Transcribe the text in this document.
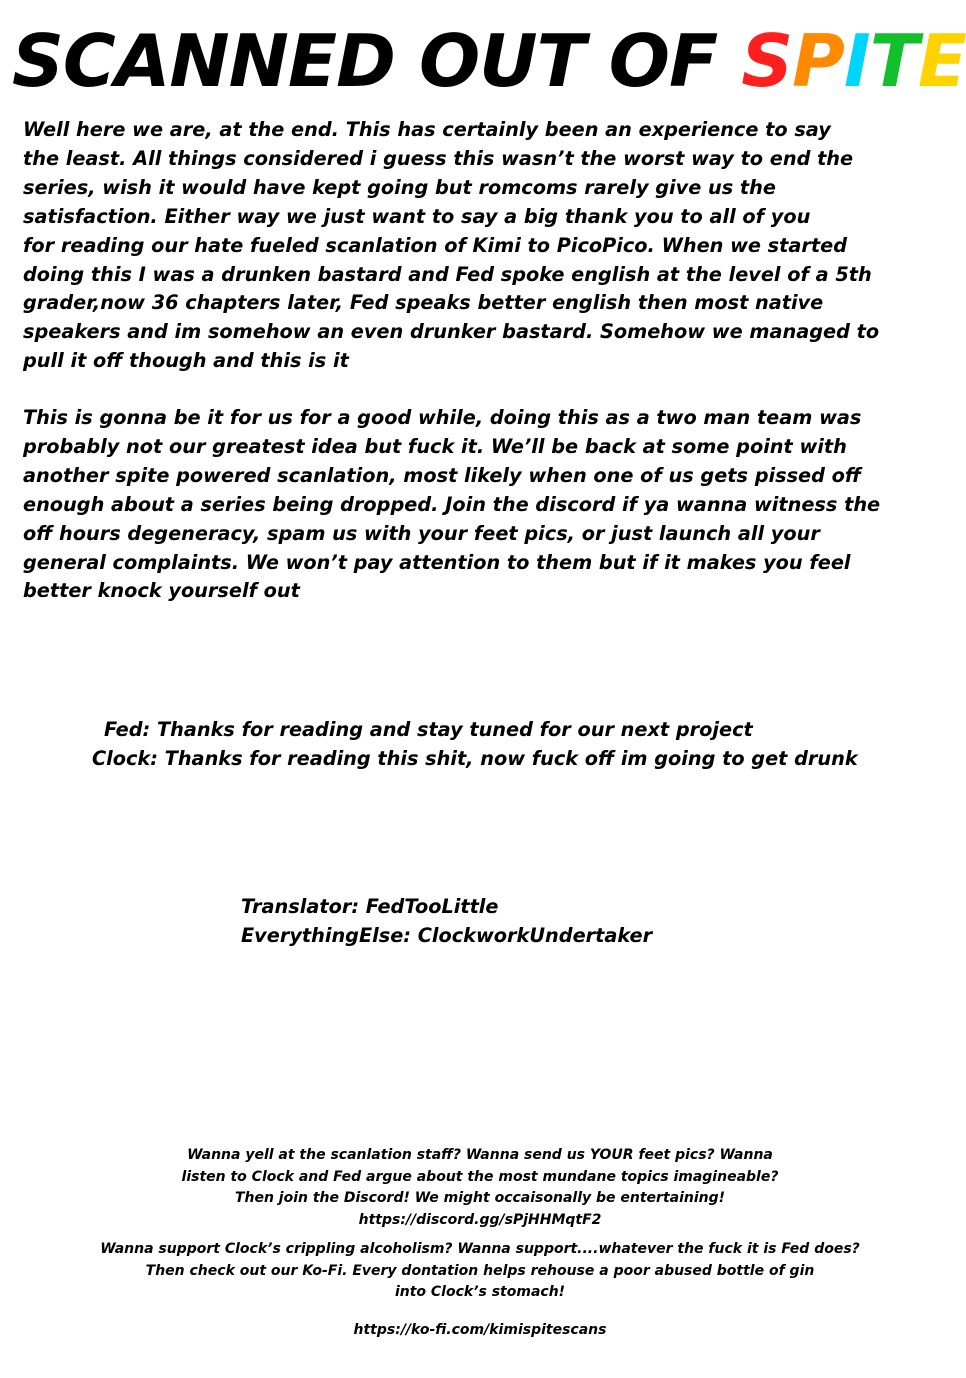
SCANNED OUT OF SPITE
Well here we are, at the end. This has certainly been an experience to say
the least. All things considered i guess this wasn’t the worst way to end the
series, wish it would have kept going but romcoms rarely give us the
satisfaction. Either way we just want to say a big thank you to all of you
for reading our hate fueled scanlation of Kimi to PicoPico. When we started
doing this I was a drunken bastard and Fed spoke english at the level of a 5th
grader,now 36 chapters later, Fed speaks better english then most native
speakers and im somehow an even drunker bastard. Somehow we managed to
pull it off though and this is it
This is gonna be it for us for a good while, doing this as a two man team was
probably not our greatest idea but fuck it. We’ll be back at some point with
another spite powered scanlation, most likely when one of us gets pissed off
enough about a series being dropped. Join the discord if ya wanna witness the
off hours degeneracy, spam us with your feet pics, or just launch all your
general complaints. We won’t pay attention to them but if it makes you feel
better knock yourself out

Fed: Thanks for reading and stay tuned for our next project

Clock: Thanks for reading this shit, now fuck off im going to get drunk

Translator: FedTooLittle

EverythingElse: ClockworkUndertaker

Wanna yell at the scanlation staff? Wanna send us YOUR feet pics? Wanna
listen to Clock and Fed argue about the most mundane topics imagineable?
Then join the Discord! We might occaisonally be entertaining!
https://discord.gg/sPjHHMqtF2
Wanna support Clock’s crippling alcoholism? Wanna support....whatever the fuck it is Fed does?
Then check out our Ko-Fi. Every dontation helps rehouse a poor abused bottle of gin
into Clock’s stomach!
https://ko-fi.com/kimispitescans
